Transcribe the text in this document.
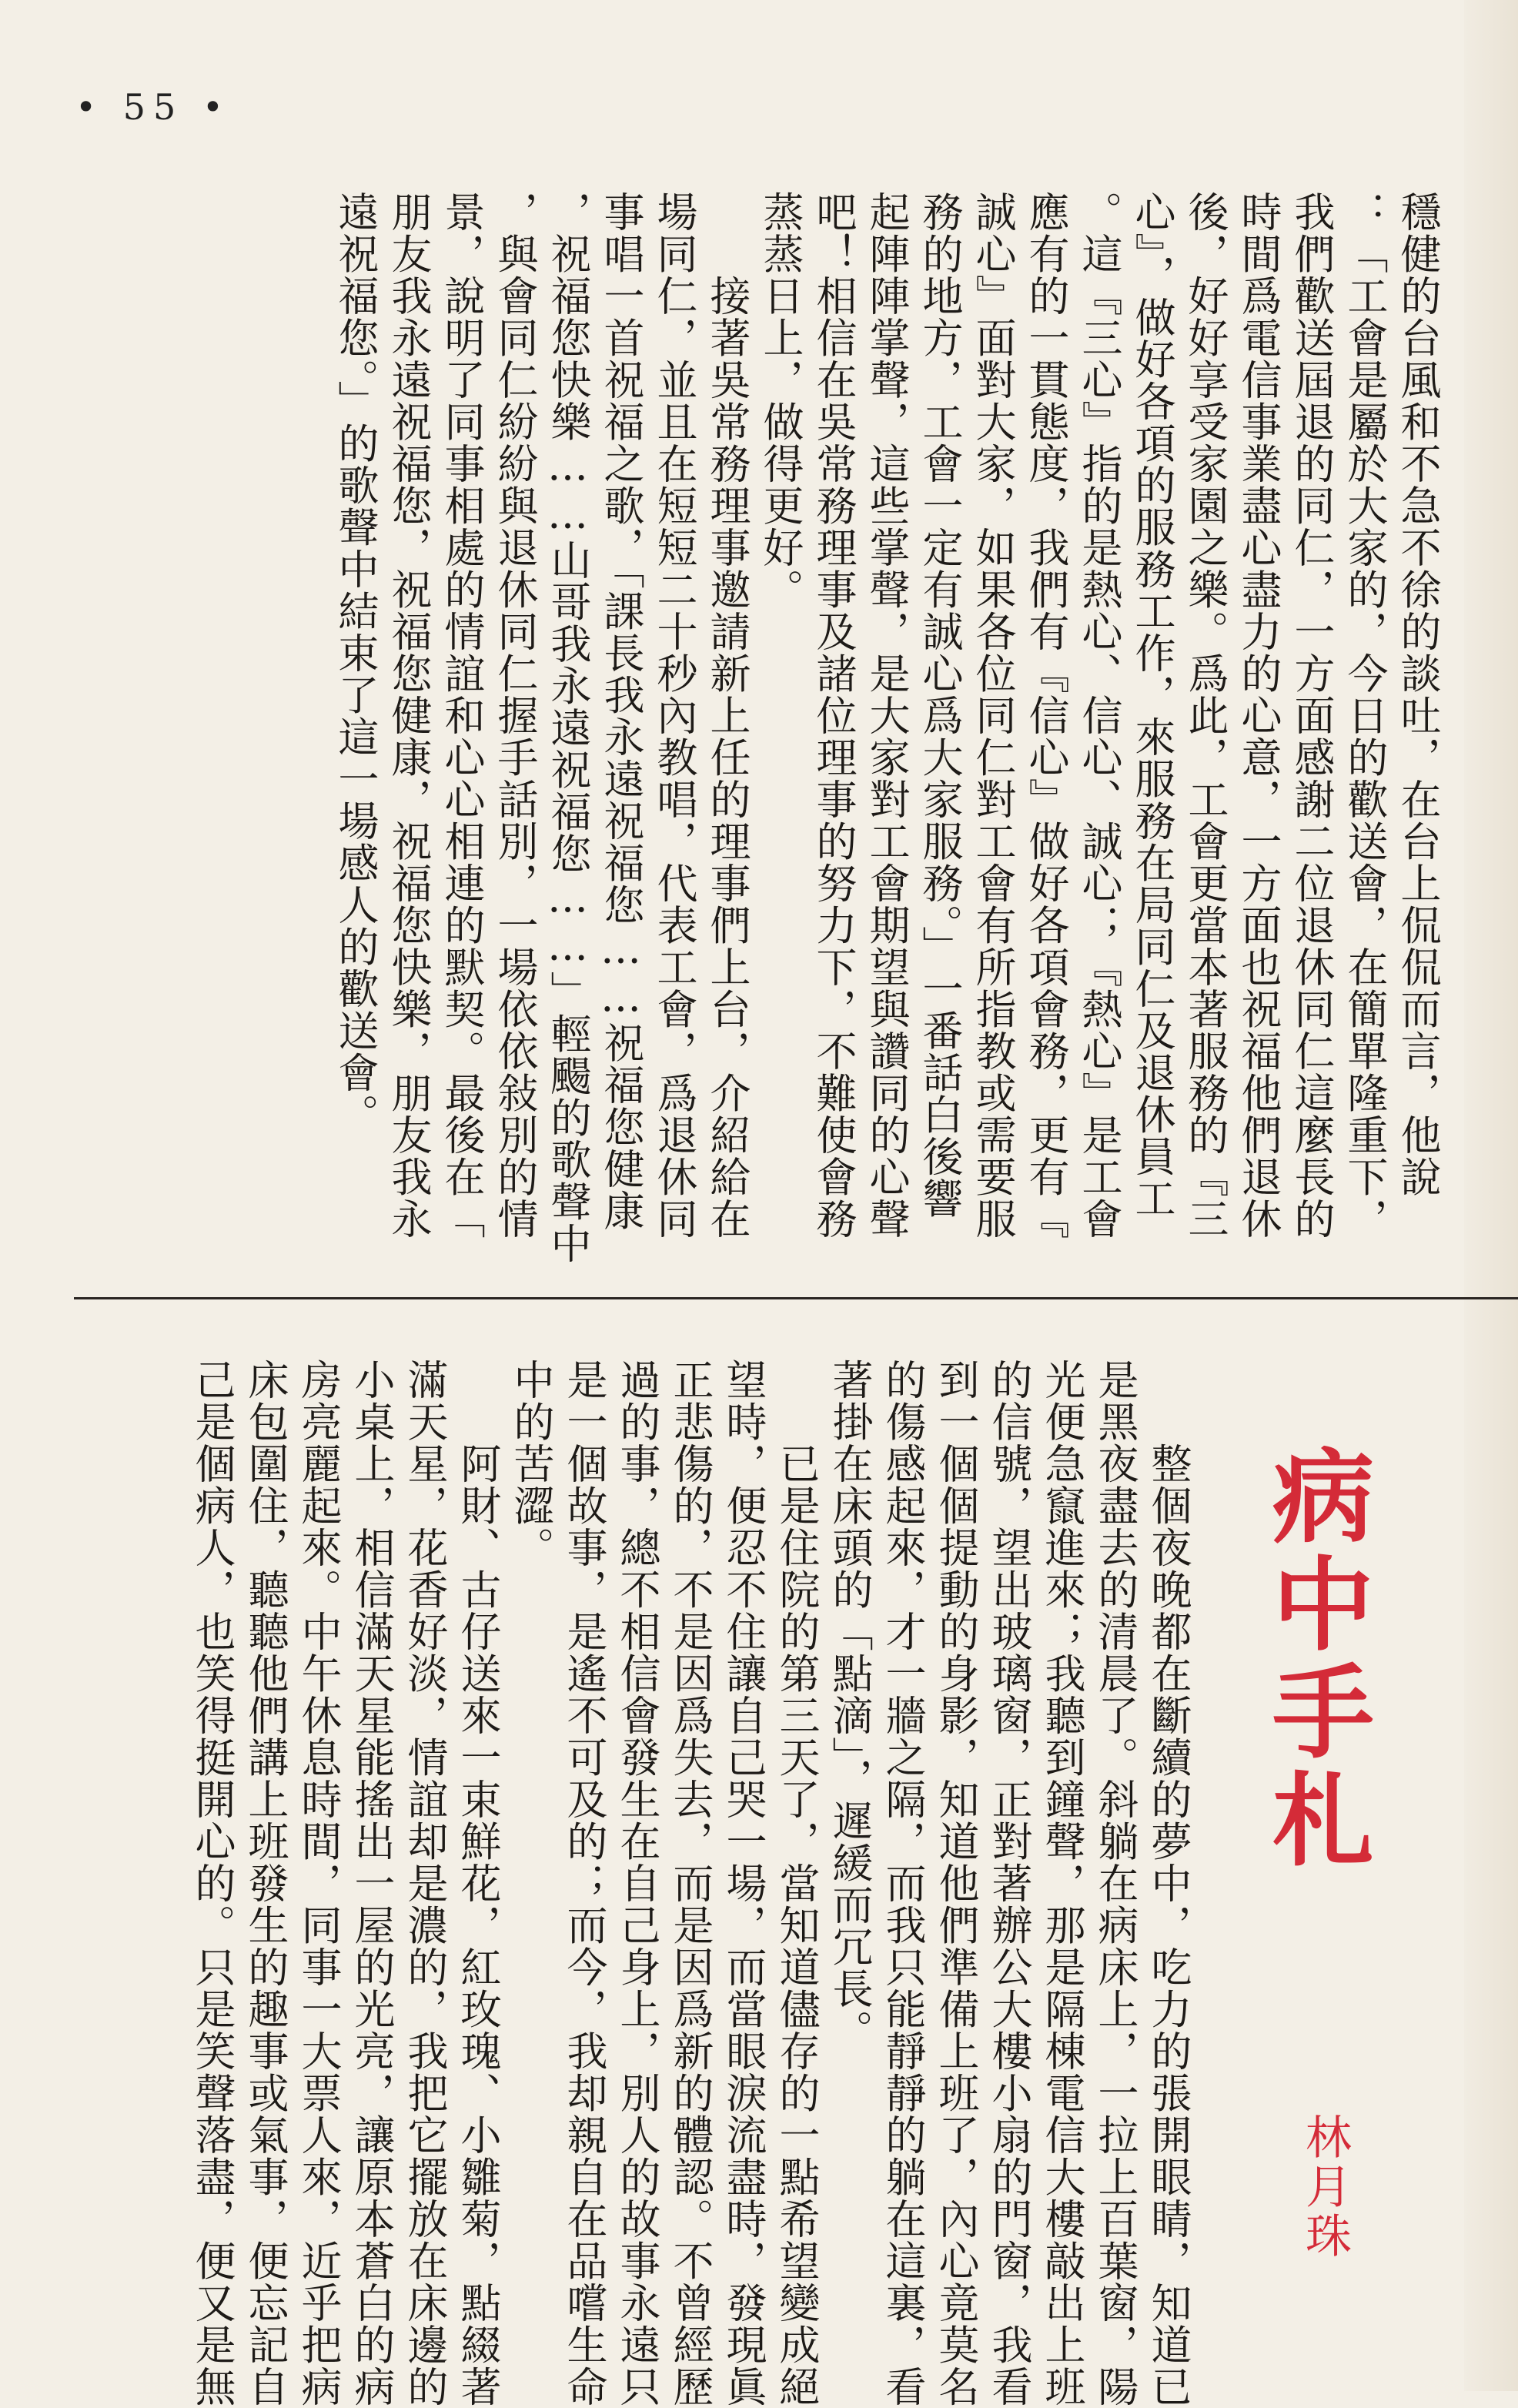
• 55 •
穩健的台風和不急不徐的談吐，在台上侃侃而言，他說
：「工會是屬於大家的，今日的歡送會，在簡單隆重下，
我們歡送屆退的同仁，一方面感謝二位退休同仁這麼長的
時間爲電信事業盡心盡力的心意，一方面也祝福他們退休
後，好好享受家園之樂。爲此，工會更當本著服務的『三
心』，做好各項的服務工作，來服務在局同仁及退休員工
。這『三心』指的是熱心、信心、誠心；『熱心』是工會
應有的一貫態度，我們有『信心』做好各項會務，更有『
誠心』面對大家，如果各位同仁對工會有所指教或需要服
務的地方，工會一定有誠心爲大家服務。」一番話白後響
起陣陣掌聲，這些掌聲，是大家對工會期望與讚同的心聲
吧！相信在吳常務理事及諸位理事的努力下，不難使會務
蒸蒸日上，做得更好。
　　接著吳常務理事邀請新上任的理事們上台，介紹給在
場同仁，並且在短短二十秒內教唱，代表工會，爲退休同
事唱一首祝福之歌，「課長我永遠祝福您……祝福您健康
，祝福您快樂……山哥我永遠祝福您……」輕颺的歌聲中
，與會同仁紛紛與退休同仁握手話別，一場依依敍別的情
景，說明了同事相處的情誼和心心相連的默契。最後在「
朋友我永遠祝福您，祝福您健康，祝福您快樂，朋友我永
遠祝福您。」的歌聲中結束了這一場感人的歡送會。
病中手札
林月珠
　　整個夜晚都在斷續的夢中，吃力的張開眼睛，知道已
是黑夜盡去的清晨了。斜躺在病床上，一拉上百葉窗，陽
光便急竄進來；我聽到鐘聲，那是隔棟電信大樓敲出上班
的信號，望出玻璃窗，正對著辦公大樓小扇的門窗，我看
到一個個提動的身影，知道他們準備上班了，內心竟莫名
的傷感起來，才一牆之隔，而我只能靜靜的躺在這裏，看
著掛在床頭的「點滴」，遲緩而冗長。
　　已是住院的第三天了，當知道儘存的一點希望變成絕
望時，便忍不住讓自己哭一場，而當眼淚流盡時，發現眞
正悲傷的，不是因爲失去，而是因爲新的體認。不曾經歷
過的事，總不相信會發生在自己身上，別人的故事永遠只
是一個故事，是遙不可及的；而今，我却親自在品嚐生命
中的苦澀。
　　阿財、古仔送來一束鮮花，紅玫瑰、小雛菊，點綴著
滿天星，花香好淡，情誼却是濃的，我把它擺放在床邊的
小桌上，相信滿天星能搖出一屋的光亮，讓原本蒼白的病
房亮麗起來。中午休息時間，同事一大票人來，近乎把病
床包圍住，聽聽他們講上班發生的趣事或氣事，便忘記自
己是個病人，也笑得挺開心的。只是笑聲落盡，便又是無
